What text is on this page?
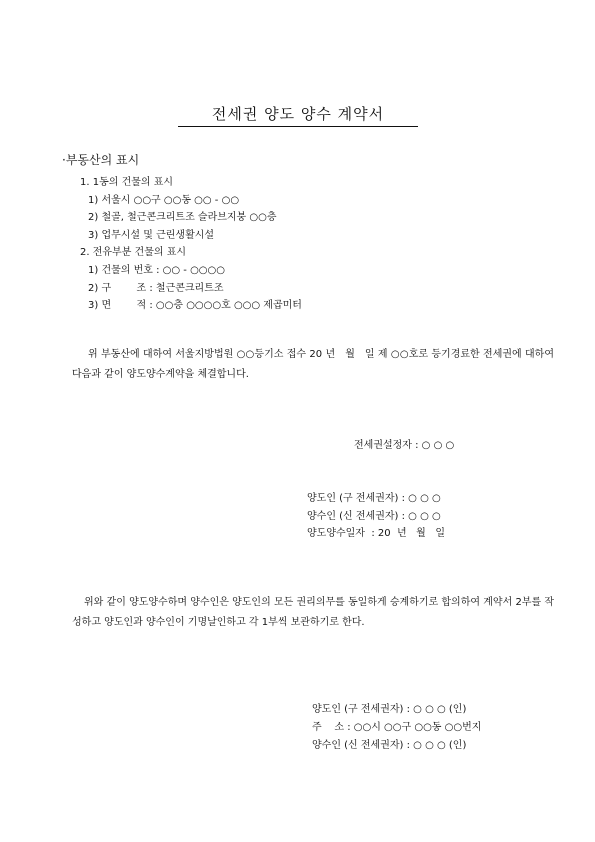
전세권 양도 양수 계약서
·부동산의 표시
1. 1동의 건물의 표시
1) 서울시 ○○구 ○○동 ○○ - ○○
2) 철골, 철근콘크리트조 슬라브지붕 ○○층
3) 업무시설 및 근린생활시설
2. 전유부분 건물의 표시
1) 건물의 번호 : ○○ - ○○○○
2) 구        조 : 철근콘크리트조
3) 면        적 : ○○층 ○○○○호 ○○○ 제곱미터
위 부동산에 대하여 서울지방법원 ○○등기소 접수 20 년   월   일 제 ○○호로 등기경료한 전세권에 대하여 다음과 같이 양도양수계약을 체결합니다.
전세권설정자 : ○ ○ ○
양도인 (구 전세권자) : ○ ○ ○
양수인 (신 전세권자) : ○ ○ ○
양도양수일자  : 20  년   월   일
위와 같이 양도양수하며 양수인은 양도인의 모든 권리의무를 동일하게 승계하기로 합의하여 계약서 2부를 작성하고 양도인과 양수인이 기명날인하고 각 1부씩 보관하기로 한다.
양도인 (구 전세권자) : ○ ○ ○ (인)
주    소 : ○○시 ○○구 ○○동 ○○번지
양수인 (신 전세권자) : ○ ○ ○ (인)
